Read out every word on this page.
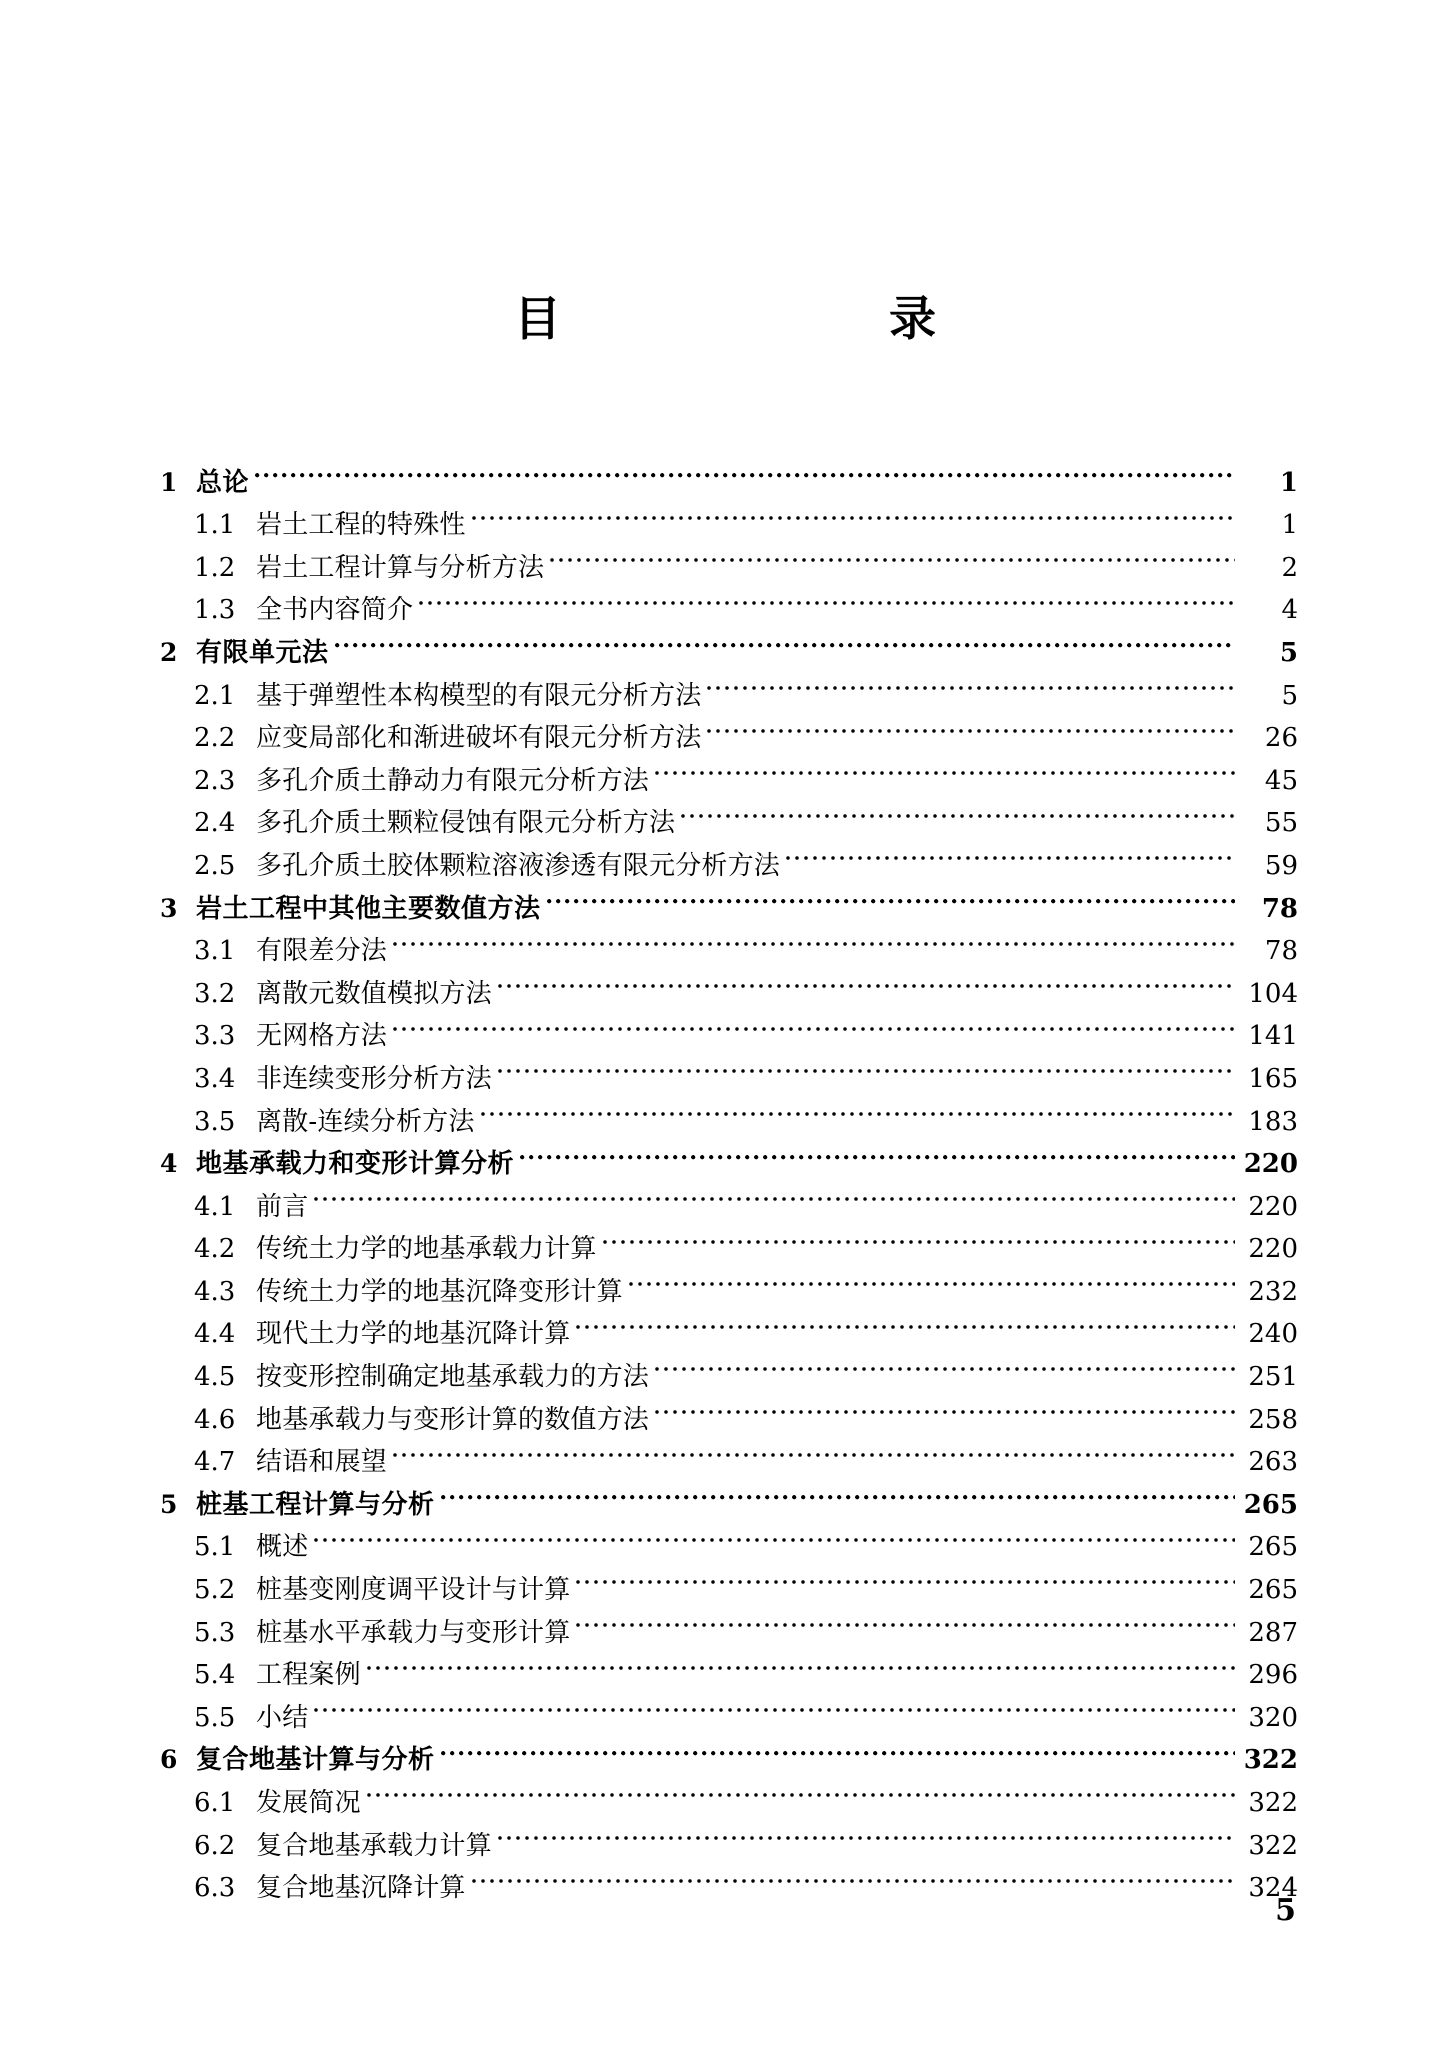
目　　录
1 总论	1
1.1 岩土工程的特殊性	1
1.2 岩土工程计算与分析方法	2
1.3 全书内容简介	4
2 有限单元法	5
2.1 基于弹塑性本构模型的有限元分析方法	5
2.2 应变局部化和渐进破坏有限元分析方法	26
2.3 多孔介质土静动力有限元分析方法	45
2.4 多孔介质土颗粒侵蚀有限元分析方法	55
2.5 多孔介质土胶体颗粒溶液渗透有限元分析方法	59
3 岩土工程中其他主要数值方法	78
3.1 有限差分法	78
3.2 离散元数值模拟方法	104
3.3 无网格方法	141
3.4 非连续变形分析方法	165
3.5 离散-连续分析方法	183
4 地基承载力和变形计算分析	220
4.1 前言	220
4.2 传统土力学的地基承载力计算	220
4.3 传统土力学的地基沉降变形计算	232
4.4 现代土力学的地基沉降计算	240
4.5 按变形控制确定地基承载力的方法	251
4.6 地基承载力与变形计算的数值方法	258
4.7 结语和展望	263
5 桩基工程计算与分析	265
5.1 概述	265
5.2 桩基变刚度调平设计与计算	265
5.3 桩基水平承载力与变形计算	287
5.4 工程案例	296
5.5 小结	320
6 复合地基计算与分析	322
6.1 发展简况	322
6.2 复合地基承载力计算	322
6.3 复合地基沉降计算	324
5
